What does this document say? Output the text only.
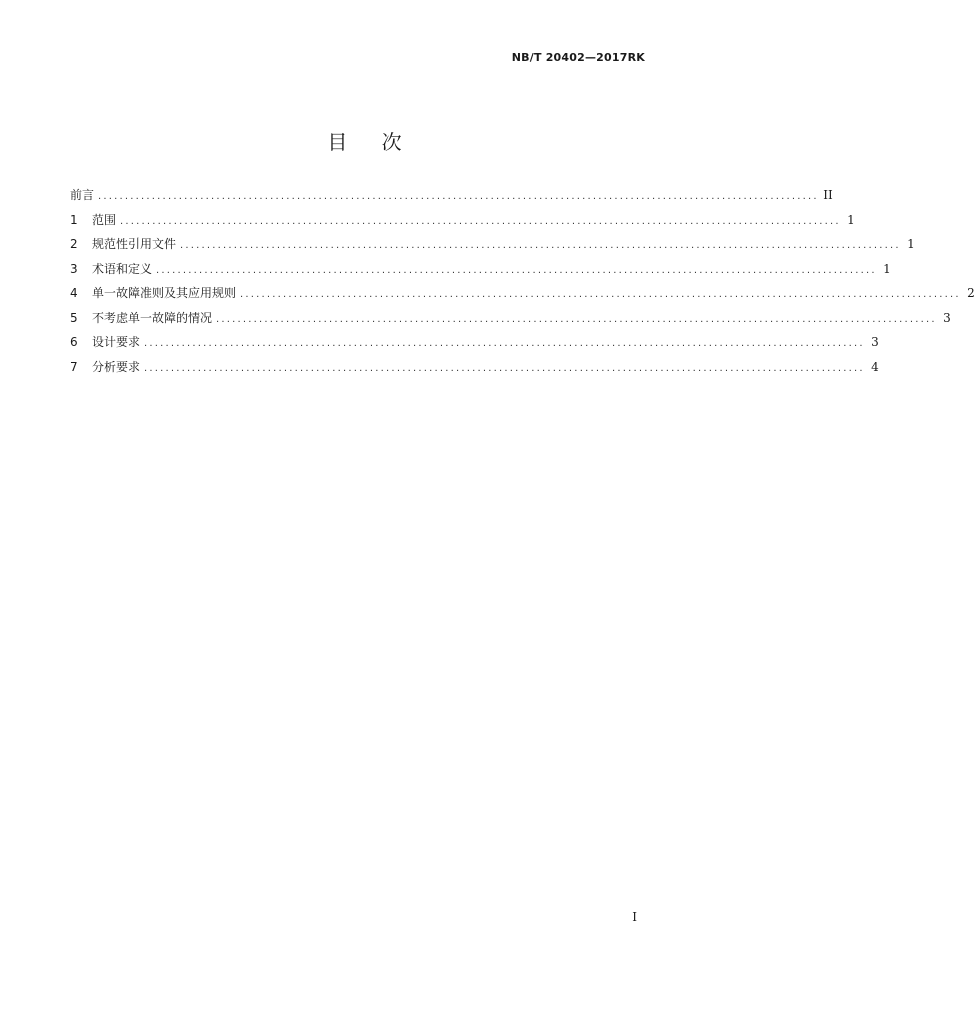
NB/T 20402—2017RK
目 次
前言 ...................................................................................................................................... II
1	范围 ...................................................................................................................................... 1
2	规范性引用文件 ...................................................................................................................................... 1
3	术语和定义 ...................................................................................................................................... 1
4	单一故障准则及其应用规则 ...................................................................................................................................... 2
5	不考虑单一故障的情况 ...................................................................................................................................... 3
6	设计要求 ...................................................................................................................................... 3
7	分析要求 ...................................................................................................................................... 4
I
